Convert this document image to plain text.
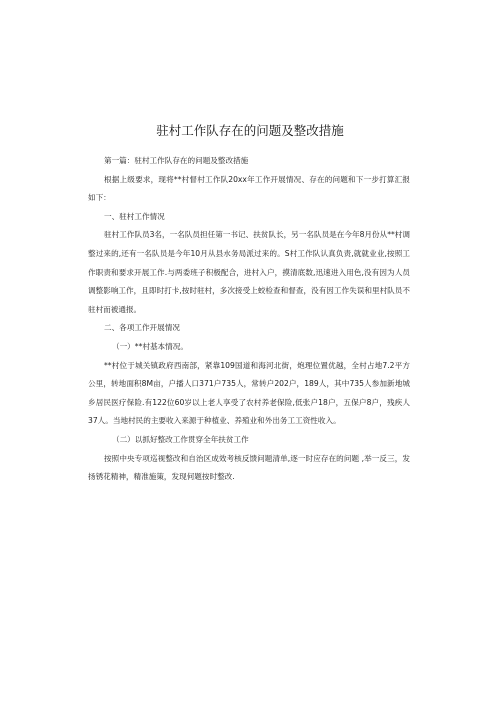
驻村工作队存在的问题及整改措施

第一篇：驻村工作队存在的问题及整改措施

根据上级要求，现将**村督村工作队20xx年工作开展情况、存在的问题和下一步打算汇报如下：

一、驻村工作情况

驻村工作队员3名，一名队员担任第一书记、扶贫队长，另一名队员是在今年8月份从**村调整过来的,还有一名队员是今年10月从县水务局派过来的。S村工作队认真负责,就就业业,按照工作职责和要求开展工作.与两委班子积极配合，进村入户，摸清底数,迅速进入用色,没有因为人员调整影响工作，且即时打卡,按时驻村，多次接受上蛟检查和督查，没有因工作失误和里村队员不驻村而被通报。

二、各项工作开展情况

（一）**村基本情况。

**村位于城关镇政府西南部，紧靠109国道和海河北街，炮理位置优越，全村占地7.2平方公里，转地面积8M亩，户播人口371户735人，常转户202户，189人，其中735人参加新地城乡居民医疗保险.有122位60岁以上老人享受了农村养老保险,低张户18户，五保户8户，残疾人37人。当地村民的主要收入来源于种植业、养殖业和外出务工工资性收入。

（二）以抓好整改工作贯穿全年扶贫工作

按照中央专项巡视整改和自治区成效考核反馈问题清单,逐一时应存在的问题 ,举一反三，发扬锈花精神，精准施策，发现何题按时整改.
